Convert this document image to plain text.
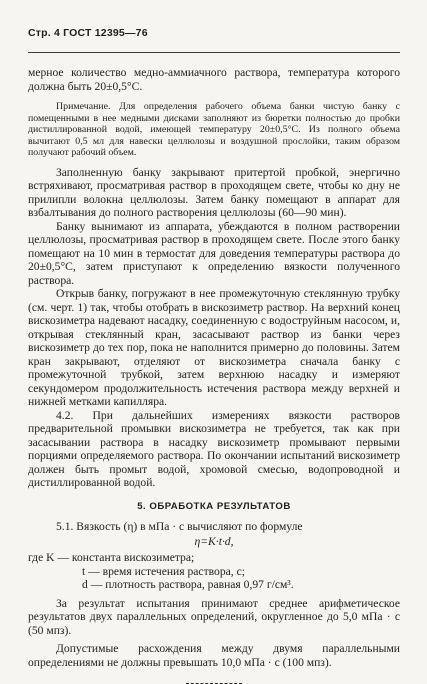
Стр. 4 ГОСТ 12395—76

мерное количество медно-аммиачного раствора, температура которого должна быть 20±0,5°С.

Примечание. Для определения рабочего объема банки чистую банку с помещенными в нее медными дисками заполняют из бюретки полностью до пробки дистиллированной водой, имеющей температуру 20±0,5°С. Из полного объема вычитают 0,5 мл для навески целлюлозы и воздушной прослойки, таким образом получают рабочий объем.

Заполненную банку закрывают притертой пробкой, энергично встряхивают, просматривая раствор в проходящем свете, чтобы ко дну не прилипли волокна целлюлозы. Затем банку помещают в аппарат для взбалтывания до полного растворения целлюлозы (60—90 мин).

Банку вынимают из аппарата, убеждаются в полном растворении целлюлозы, просматривая раствор в проходящем свете. После этого банку помещают на 10 мин в термостат для доведения температуры раствора до 20±0,5°С, затем приступают к определению вязкости полученного раствора.

Открыв банку, погружают в нее промежуточную стеклянную трубку (см. черт. 1) так, чтобы отобрать в вискозиметр раствор. На верхний конец вискозиметра надевают насадку, соединенную с водоструйным насосом, и, открывая стеклянный кран, засасывают раствор из банки через вискозиметр до тех пор, пока не наполнится примерно до половины. Затем кран закрывают, отделяют от вискозиметра сначала банку с промежуточной трубкой, затем верхнюю насадку и измеряют секундомером продолжительность истечения раствора между верхней и нижней метками капилляра.

4.2. При дальнейших измерениях вязкости растворов предварительной промывки вискозиметра не требуется, так как при засасывании раствора в насадку вискозиметр промывают первыми порциями определяемого раствора. По окончании испытаний вискозиметр должен быть промыт водой, хромовой смесью, водопроводной и дистиллированной водой.

5. ОБРАБОТКА РЕЗУЛЬТАТОВ

5.1. Вязкость (η) в мПа · с вычисляют по формуле

η=K·t·d,

где K — константа вискозиметра;

t — время истечения раствора, с;

d — плотность раствора, равная 0,97 г/см³.

За результат испытания принимают среднее арифметическое результатов двух параллельных определений, округленное до 5,0 мПа · с (50 мпз).

Допустимые расхождения между двумя параллельными определениями не должны превышать 10,0 мПа · с (100 мпз).
